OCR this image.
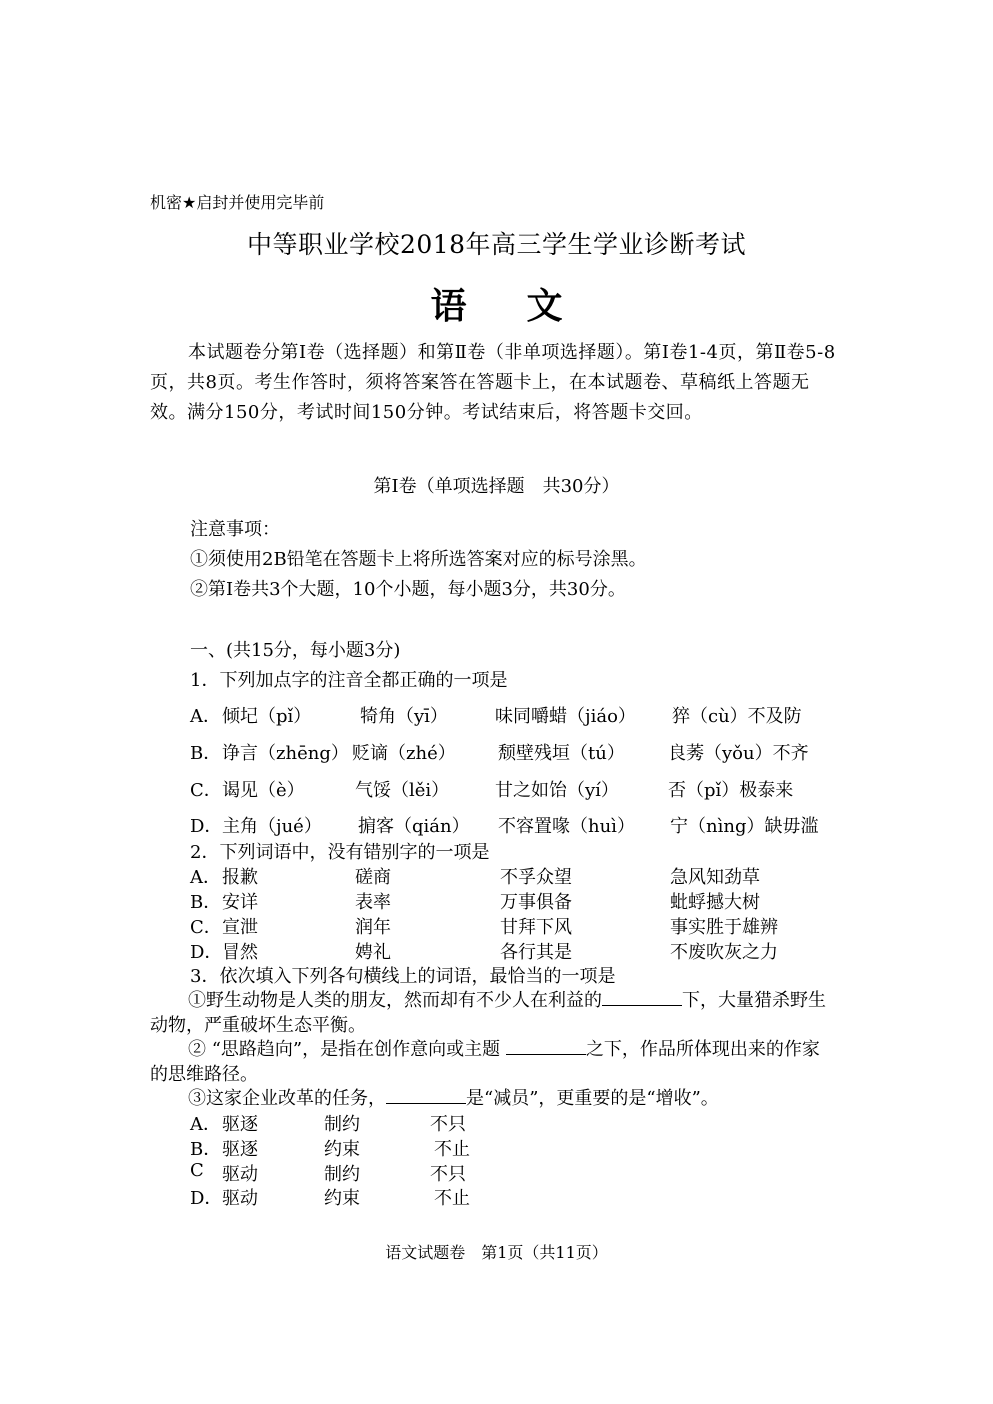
机密★启封并使用完毕前
中等职业学校2018年高三学生学业诊断考试
语 文
本试题卷分第Ⅰ卷（选择题）和第Ⅱ卷（非单项选择题）。第Ⅰ卷1-4页，第Ⅱ卷5-8页，共8页。考生作答时，须将答案答在答题卡上，在本试题卷、草稿纸上答题无效。满分150分，考试时间150分钟。考试结束后，将答题卡交回。
第Ⅰ卷（单项选择题　共30分）
注意事项：
①须使用2B铅笔在答题卡上将所选答案对应的标号涂黑。
②第Ⅰ卷共3个大题，10个小题，每小题3分，共30分。
一、(共15分，每小题3分)
1．下列加点字的注音全都正确的一项是
A． 倾圮（pǐ）	犄角（yī）	味同嚼蜡（jiáo） 猝（cù）不及防
B． 诤言（zhēng） 贬谪（zhé） 颓壁残垣（tú） 良莠（yǒu）不齐
C． 谒见（è）	气馁（lěi）	甘之如饴（yí）	否（pǐ）极泰来
D． 主角（jué） 掮客（qián） 不容置喙（huì） 宁（nìng）缺毋滥
2．下列词语中，没有错别字的一项是
A． 报歉	磋商	不孚众望	急风知劲草
B． 安详	表率	万事俱备	蚍蜉撼大树
C． 宣泄	润年	甘拜下风	事实胜于雄辨
D． 冒然	娉礼	各行其是	不废吹灰之力
3．依次填入下列各句横线上的词语，最恰当的一项是
①野生动物是人类的朋友，然而却有不少人在利益的	下，大量猎杀野生动物，严重破坏生态平衡。
② “思路趋向”，是指在创作意向或主题	之下，作品所体现出来的作家的思维路径。
③这家企业改革的任务，	是“减员”，更重要的是“增收”。
A． 驱逐	制约	不只
B． 驱逐	约束	不止
C 驱动	制约	不只
D． 驱动	约束	不止
语文试题卷　第1页（共11页）
